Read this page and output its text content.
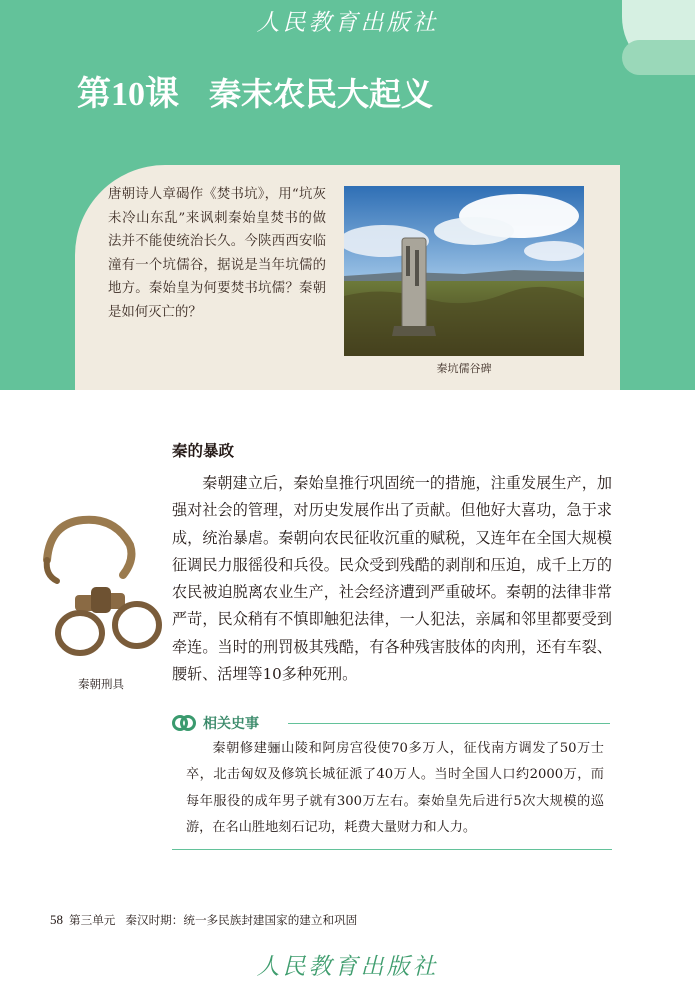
人民教育出版社
第10课 秦末农民大起义
唐朝诗人章碣作《焚书坑》，用“坑灰未冷山东乱”来讽刺秦始皇焚书的做法并不能使统治长久。今陕西西安临潼有一个坑儒谷，据说是当年坑儒的地方。秦始皇为何要焚书坑儒？秦朝是如何灭亡的？
秦坑儒谷碑
秦的暴政
秦朝建立后，秦始皇推行巩固统一的措施，注重发展生产，加强对社会的管理，对历史发展作出了贡献。但他好大喜功，急于求成，统治暴虐。秦朝向农民征收沉重的赋税，又连年在全国大规模征调民力服徭役和兵役。民众受到残酷的剥削和压迫，成千上万的农民被迫脱离农业生产，社会经济遭到严重破坏。秦朝的法律非常严苛，民众稍有不慎即触犯法律，一人犯法，亲属和邻里都要受到牵连。当时的刑罚极其残酷，有各种残害肢体的肉刑，还有车裂、腰斩、活埋等10多种死刑。
秦朝刑具
相关史事
秦朝修建骊山陵和阿房宫役使70多万人，征伐南方调发了50万士卒，北击匈奴及修筑长城征派了40万人。当时全国人口约2000万，而每年服役的成年男子就有300万左右。秦始皇先后进行5次大规模的巡游，在名山胜地刻石记功，耗费大量财力和人力。
58 第三单元 秦汉时期：统一多民族封建国家的建立和巩固
人民教育出版社
